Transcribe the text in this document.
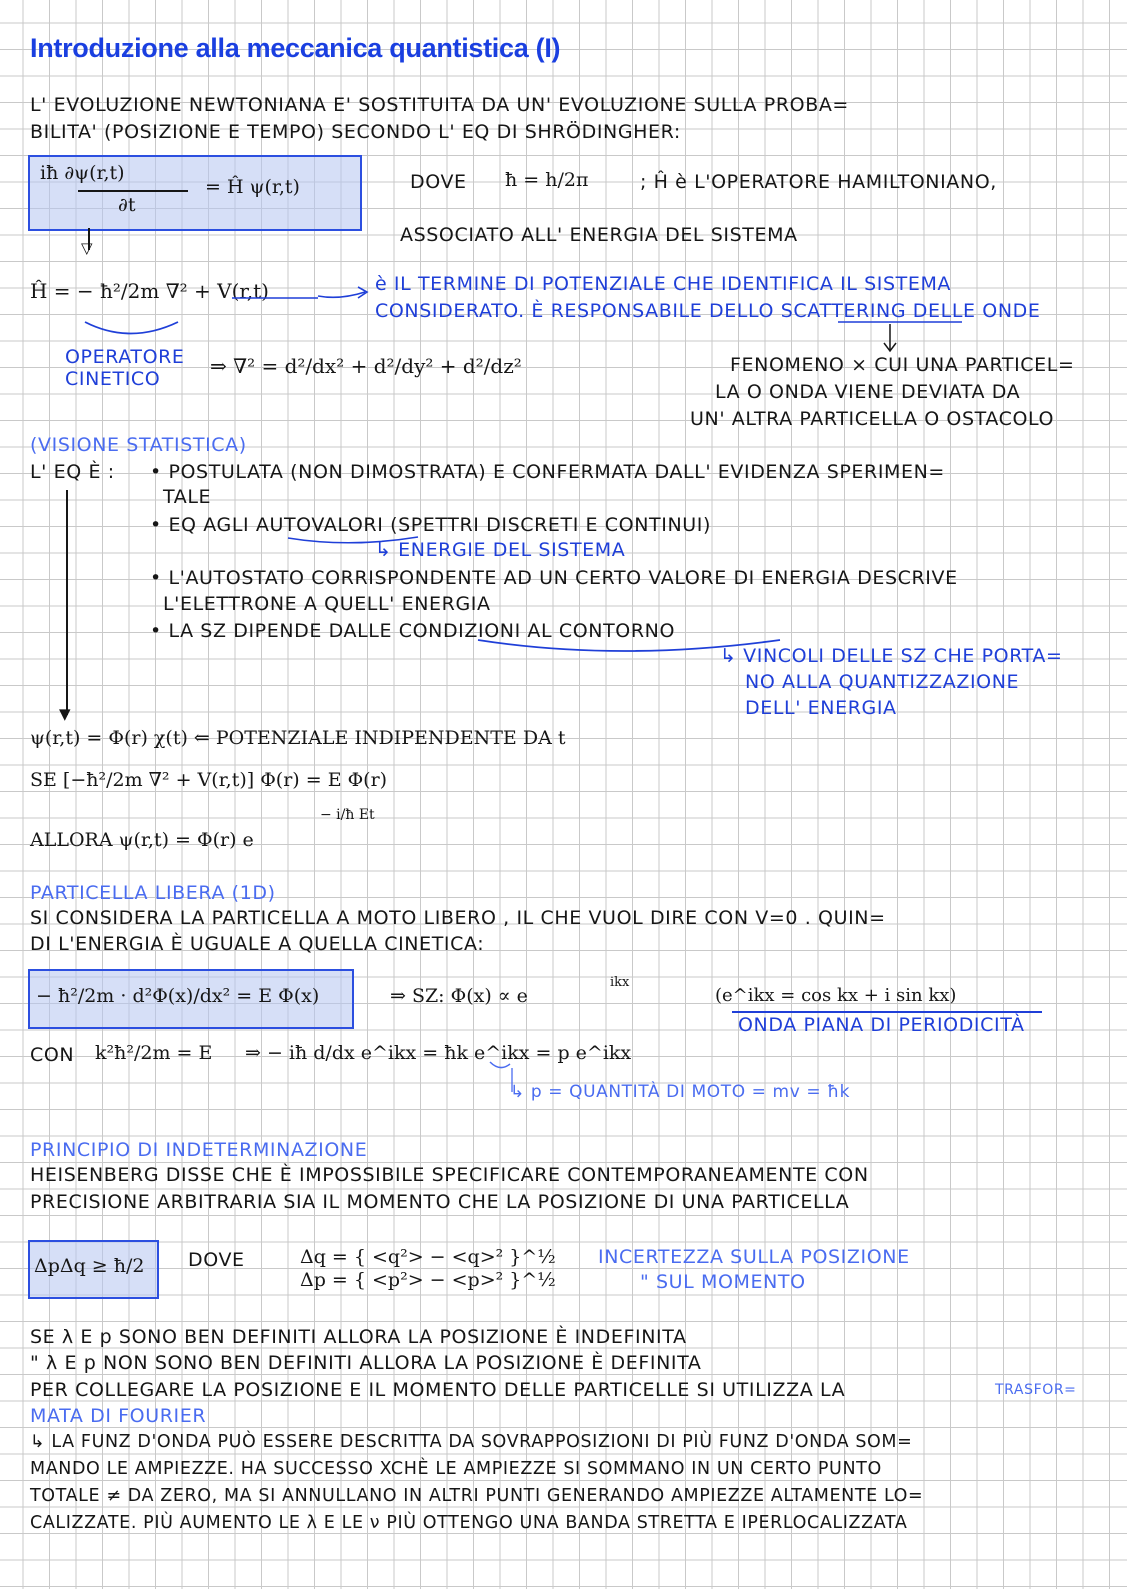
Introduzione alla meccanica quantistica (I)
L' EVOLUZIONE NEWTONIANA E' SOSTITUITA DA UN' EVOLUZIONE SULLA PROBA=
BILITA' (POSIZIONE E TEMPO) SECONDO L' EQ DI SHRÖDINGHER:
iħ ∂ψ(r,t)
∂t
= Ĥ ψ(r,t)	DOVE ħ = h/2π	; Ĥ è L'OPERATORE HAMILTONIANO,
ASSOCIATO ALL' ENERGIA DEL SISTEMA
▽
Ĥ = − ħ²/2m ∇² + V(r,t)	è IL TERMINE DI POTENZIALE CHE IDENTIFICA IL SISTEMA
CONSIDERATO. È RESPONSABILE DELLO SCATTERING DELLE ONDE
OPERATORE
CINETICO
⇒ ∇² = d²/dx² + d²/dy² + d²/dz²	FENOMENO × CUI UNA PARTICEL=
LA O ONDA VIENE DEVIATA DA
UN' ALTRA PARTICELLA O OSTACOLO
(VISIONE STATISTICA)
L' EQ È : • POSTULATA (NON DIMOSTRATA) E CONFERMATA DALL' EVIDENZA SPERIMEN=
TALE
• EQ AGLI AUTOVALORI (SPETTRI DISCRETI E CONTINUI)
↳ ENERGIE DEL SISTEMA
• L'AUTOSTATO CORRISPONDENTE AD UN CERTO VALORE DI ENERGIA DESCRIVE
L'ELETTRONE A QUELL' ENERGIA
• LA SZ DIPENDE DALLE CONDIZIONI AL CONTORNO
↳ VINCOLI DELLE SZ CHE PORTA=
NO ALLA QUANTIZZAZIONE
DELL' ENERGIA
▼
ψ(r,t) = Φ(r) χ(t) ⇐ POTENZIALE INDIPENDENTE DA t
SE [−ħ²/2m ∇² + V(r,t)] Φ(r) = E Φ(r)
ALLORA ψ(r,t) = Φ(r) e
− i/ħ Et
PARTICELLA LIBERA (1D)
SI CONSIDERA LA PARTICELLA A MOTO LIBERO , IL CHE VUOL DIRE CON V=0 . QUIN=
DI L'ENERGIA È UGUALE A QUELLA CINETICA:
− ħ²/2m · d²Φ(x)/dx² = E Φ(x)	⇒ SZ: Φ(x) ∝ e
ikx
(e^ikx = cos kx + i sin kx)
ONDA PIANA DI PERIODICITÀ
CON k²ħ²/2m = E ⇒ − iħ d/dx e^ikx = ħk e^ikx = p e^ikx
↳ p = QUANTITÀ DI MOTO = mv = ħk
PRINCIPIO DI INDETERMINAZIONE
HEISENBERG DISSE CHE È IMPOSSIBILE SPECIFICARE CONTEMPORANEAMENTE CON
PRECISIONE ARBITRARIA SIA IL MOMENTO CHE LA POSIZIONE DI UNA PARTICELLA
ΔpΔq ≥ ħ/2 DOVE	Δq = { <q²> − <q>² }^½
Δp = { <p²> − <p>² }^½
INCERTEZZA SULLA POSIZIONE
" SUL MOMENTO
SE λ E p SONO BEN DEFINITI ALLORA LA POSIZIONE È INDEFINITA
" λ E p NON SONO BEN DEFINITI ALLORA LA POSIZIONE È DEFINITA
PER COLLEGARE LA POSIZIONE E IL MOMENTO DELLE PARTICELLE SI UTILIZZA LA	TRASFOR=
MATA DI FOURIER
↳ LA FUNZ D'ONDA PUÒ ESSERE DESCRITTA DA SOVRAPPOSIZIONI DI PIÙ FUNZ D'ONDA SOM=
MANDO LE AMPIEZZE. HA SUCCESSO XCHÈ LE AMPIEZZE SI SOMMANO IN UN CERTO PUNTO
TOTALE ≠ DA ZERO, MA SI ANNULLANO IN ALTRI PUNTI GENERANDO AMPIEZZE ALTAMENTE LO=
CALIZZATE. PIÙ AUMENTO LE λ E LE ν PIÙ OTTENGO UNA BANDA STRETTA E IPERLOCALIZZATA
